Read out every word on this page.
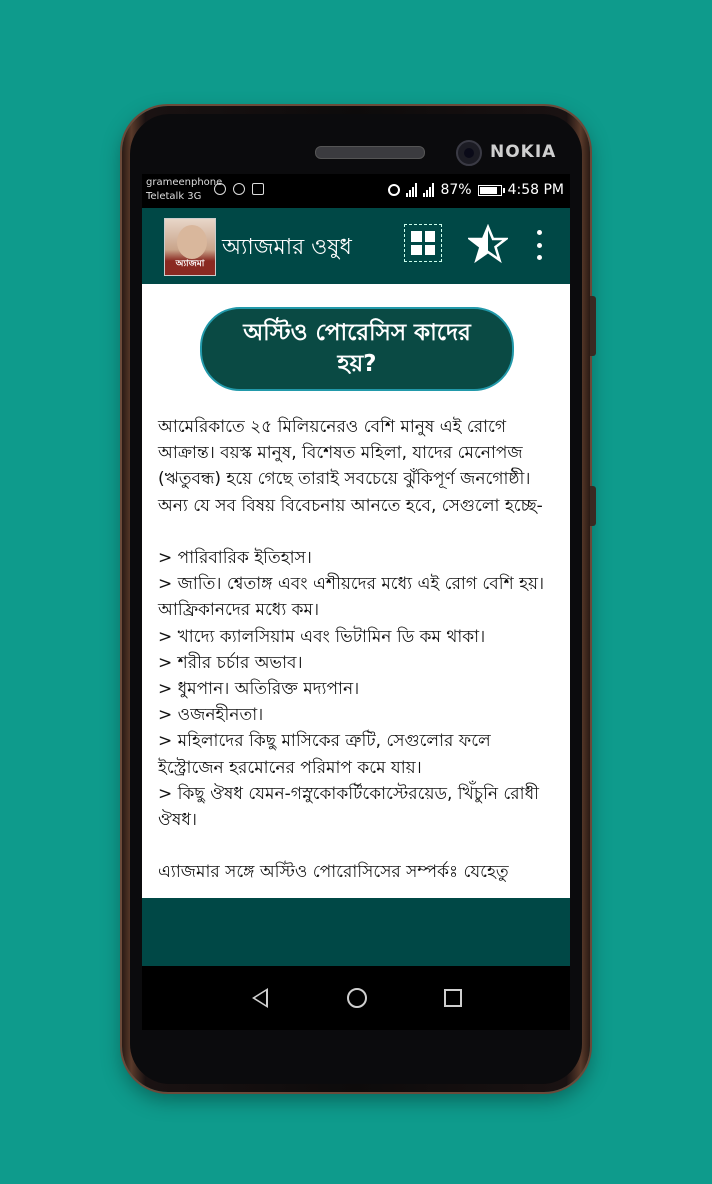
NOKIA
grameenphone
Teletalk 3G	87%	4:58 PM
অ্যাজমা
অ্যাজমার ওষুধ
অস্টিও পোরেসিস কাদের হয়?
আমেরিকাতে ২৫ মিলিয়নেরও বেশি মানুষ এই রোগে আক্রান্ত। বয়স্ক মানুষ, বিশেষত মহিলা, যাদের মেনোপজ (ঋতুবন্ধ) হয়ে গেছে তারাই সবচেয়ে ঝুঁকিপূর্ণ জনগোষ্ঠী। অন্য যে সব বিষয় বিবেচনায় আনতে হবে, সেগুলো হচ্ছে-

> পারিবারিক ইতিহাস।
> জাতি। শ্বেতাঙ্গ এবং এশীয়দের মধ্যে এই রোগ বেশি হয়। আফ্রিকানদের মধ্যে কম।
> খাদ্যে ক্যালসিয়াম এবং ভিটামিন ডি কম থাকা।
> শরীর চর্চার অভাব।
> ধুমপান। অতিরিক্ত মদ্যপান।
> ওজনহীনতা।
> মহিলাদের কিছু মাসিকের ত্রুটি, সেগুলোর ফলে ইস্ট্রোজেন হরমোনের পরিমাপ কমে যায়।
> কিছু ঔষধ যেমন-গস্নুকোকর্টিকোস্টেরয়েড, খিঁচুনি রোধী ঔষধ।

এ্যাজমার সঙ্গে অস্টিও পোরোসিসের সম্পর্কঃ যেহেতু
